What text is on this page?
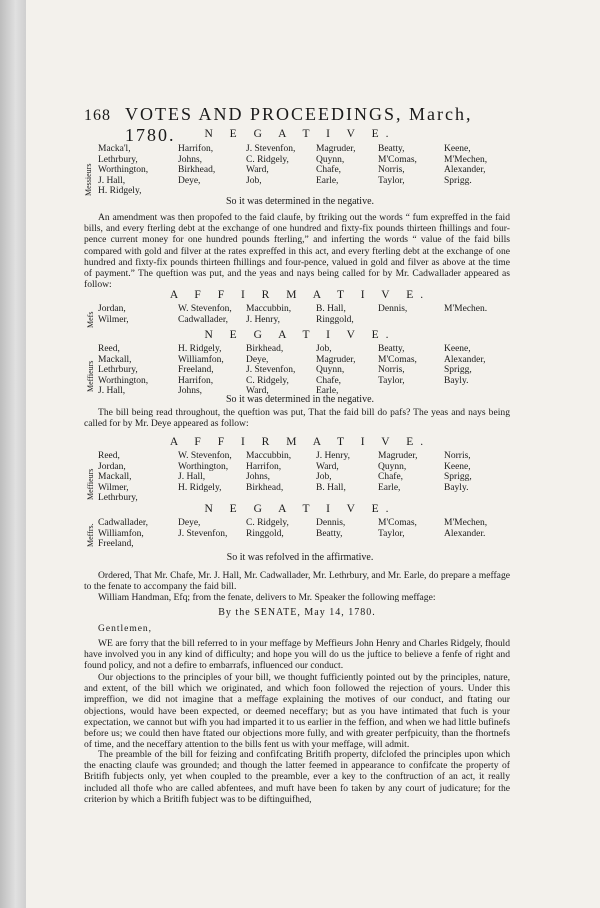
168 VOTES AND PROCEEDINGS, March, 1780.	N E G A T I V E.
Messieurs
Macka'l,	Harrifon,	J. Stevenfon,	Magruder,	Beatty,	Keene,
Lethrbury,	Johns,	C. Ridgely,	Quynn,	M'Comas,	M'Mechen,
Worthington,	Birkhead,	Ward,	Chafe,	Norris,	Alexander,
J. Hall,	Deye,	Job,	Earle,	Taylor,	Sprigg.
H. Ridgely,
So it was determined in the negative.
An amendment was then propofed to the faid claufe, by ftriking out the words “ fum expreffed in the faid bills, and every fterling debt at the exchange of one hundred and fixty-fix pounds thirteen fhillings and four-pence current money for one hundred pounds fterling,” and inferting the words “ value of the faid bills compared with gold and filver at the rates expreffed in this act, and every fterling debt at the exchange of one hundred and fixty-fix pounds thirteen fhillings and four-pence, valued in gold and filver as above at the time of payment.” The queftion was put, and the yeas and nays being called for by Mr. Cadwallader appeared as follow:
A F F I R M A T I V E.
Mefs
Jordan,	W. Stevenfon,	Maccubbin,	B. Hall,	Dennis,	M'Mechen.
Wilmer,	Cadwallader,	J. Henry,	Ringgold,
N E G A T I V E.
Meffieurs
Reed,	H. Ridgely,	Birkhead,	Job,	Beatty,	Keene,
Mackall,	Williamfon,	Deye,	Magruder,	M'Comas,	Alexander,
Lethrbury,	Freeland,	J. Stevenfon,	Quynn,	Norris,	Sprigg,
Worthington,	Harrifon,	C. Ridgely,	Chafe,	Taylor,	Bayly.
J. Hall,	Johns,	Ward,	Earle,
So it was determined in the negative.
The bill being read throughout, the queftion was put, That the faid bill do pafs? The yeas and nays being called for by Mr. Deye appeared as follow:
A F F I R M A T I V E.
Meffieurs
Reed,	W. Stevenfon,	Maccubbin,	J. Henry,	Magruder,	Norris,
Jordan,	Worthington,	Harrifon,	Ward,	Quynn,	Keene,
Mackall,	J. Hall,	Johns,	Job,	Chafe,	Sprigg,
Wilmer,	H. Ridgely,	Birkhead,	B. Hall,	Earle,	Bayly.
Lethrbury,
N E G A T I V E.
Meffrs.
Cadwallader,	Deye,	C. Ridgely,	Dennis,	M'Comas,	M'Mechen,
Williamfon,	J. Stevenfon,	Ringgold,	Beatty,	Taylor,	Alexander.
Freeland,
So it was refolved in the affirmative.
Ordered, That Mr. Chafe, Mr. J. Hall, Mr. Cadwallader, Mr. Lethrbury, and Mr. Earle, do prepare a meffage to the fenate to accompany the faid bill.
William Handman, Efq; from the fenate, delivers to Mr. Speaker the following meffage:
By the SENATE, May 14, 1780.
Gentlemen,
WE are forry that the bill referred to in your meffage by Meffieurs John Henry and Charles Ridgely, fhould have involved you in any kind of difficulty; and hope you will do us the juftice to believe a fenfe of right and found policy, and not a defire to embarrafs, influenced our conduct.
Our objections to the principles of your bill, we thought fufficiently pointed out by the principles, nature, and extent, of the bill which we originated, and which foon followed the rejection of yours. Under this impreffion, we did not imagine that a meffage explaining the motives of our conduct, and ftating our objections, would have been expected, or deemed neceffary; but as you have intimated that fuch is your expectation, we cannot but wifh you had imparted it to us earlier in the feffion, and when we had little bufinefs before us; we could then have ftated our objections more fully, and with greater perfpicuity, than the fhortnefs of time, and the neceffary attention to the bills fent us with your meffage, will admit.
The preamble of the bill for feizing and confifcating Britifh property, difclofed the principles upon which the enacting claufe was grounded; and though the latter feemed in appearance to confifcate the property of Britifh fubjects only, yet when coupled to the preamble, ever a key to the conftruction of an act, it really included all thofe who are called abfentees, and muft have been fo taken by any court of judicature; for the criterion by which a Britifh fubject was to be diftinguifhed,
